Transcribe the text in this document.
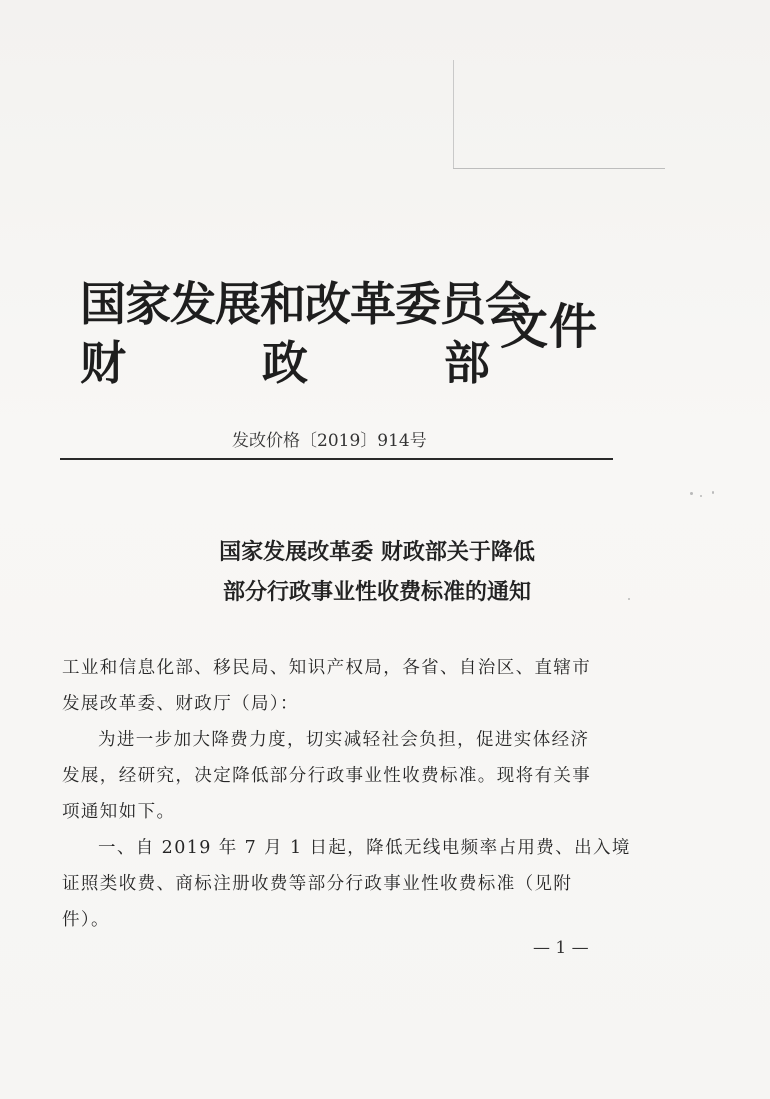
国家发展和改革委员会
财	政	部
文件
发改价格〔2019〕914号
国家发展改革委 财政部关于降低
部分行政事业性收费标准的通知
工业和信息化部、移民局、知识产权局，各省、自治区、直辖市
发展改革委、财政厅（局）：
为进一步加大降费力度，切实减轻社会负担，促进实体经济
发展，经研究，决定降低部分行政事业性收费标准。现将有关事
项通知如下。
一、自 2019 年 7 月 1 日起，降低无线电频率占用费、出入境
证照类收费、商标注册收费等部分行政事业性收费标准（见附
件）。
— 1 —
